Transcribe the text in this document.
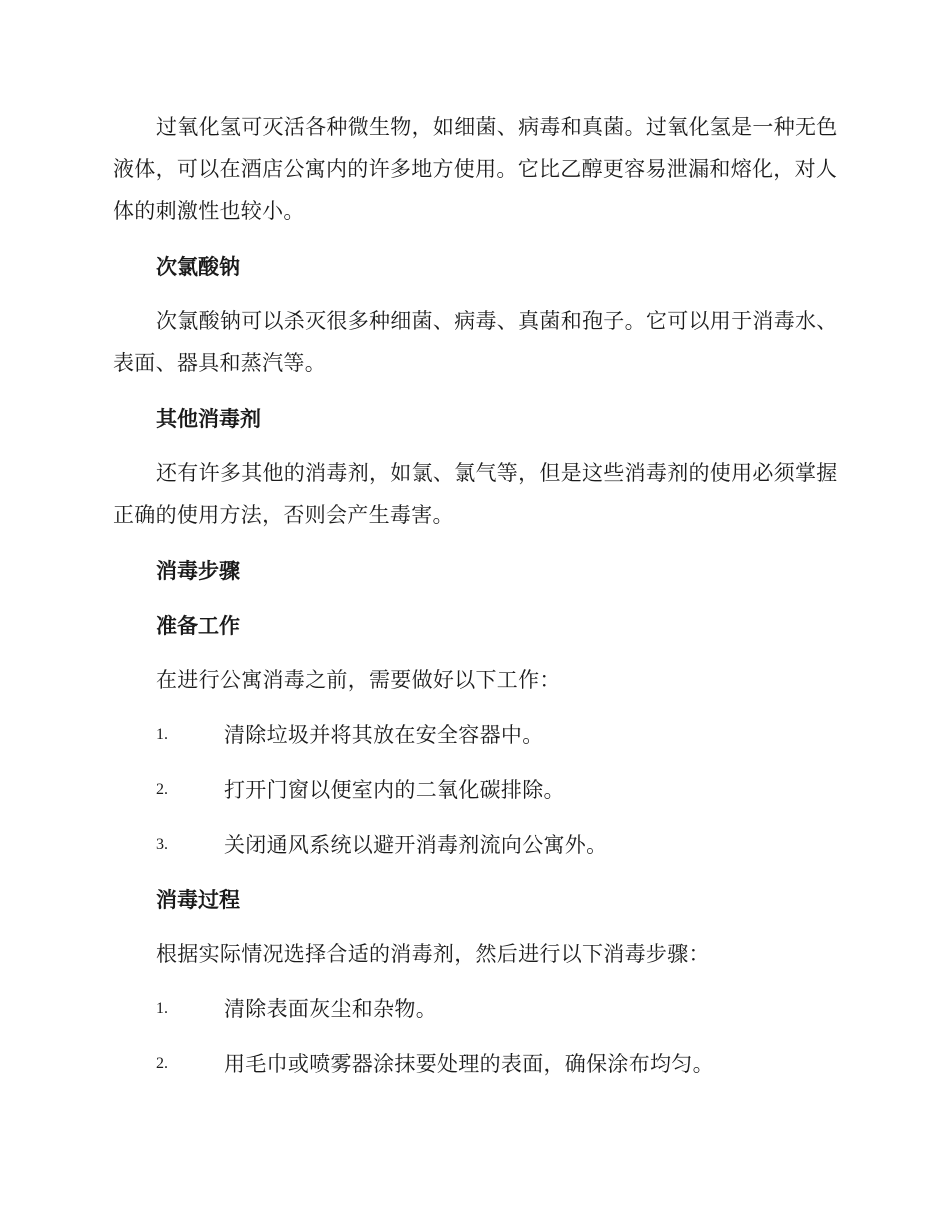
过氧化氢可灭活各种微生物，如细菌、病毒和真菌。过氧化氢是一种无色液体，可以在酒店公寓内的许多地方使用。它比乙醇更容易泄漏和熔化，对人体的刺激性也较小。

次氯酸钠

次氯酸钠可以杀灭很多种细菌、病毒、真菌和孢子。它可以用于消毒水、表面、器具和蒸汽等。

其他消毒剂

还有许多其他的消毒剂，如氯、氯气等，但是这些消毒剂的使用必须掌握正确的使用方法，否则会产生毒害。

消毒步骤
准备工作

在进行公寓消毒之前，需要做好以下工作：

1.	清除垃圾并将其放在安全容器中。
2.	打开门窗以便室内的二氧化碳排除。
3.	关闭通风系统以避开消毒剂流向公寓外。
消毒过程

根据实际情况选择合适的消毒剂，然后进行以下消毒步骤：

1.	清除表面灰尘和杂物。
2.	用毛巾或喷雾器涂抹要处理的表面，确保涂布均匀。
